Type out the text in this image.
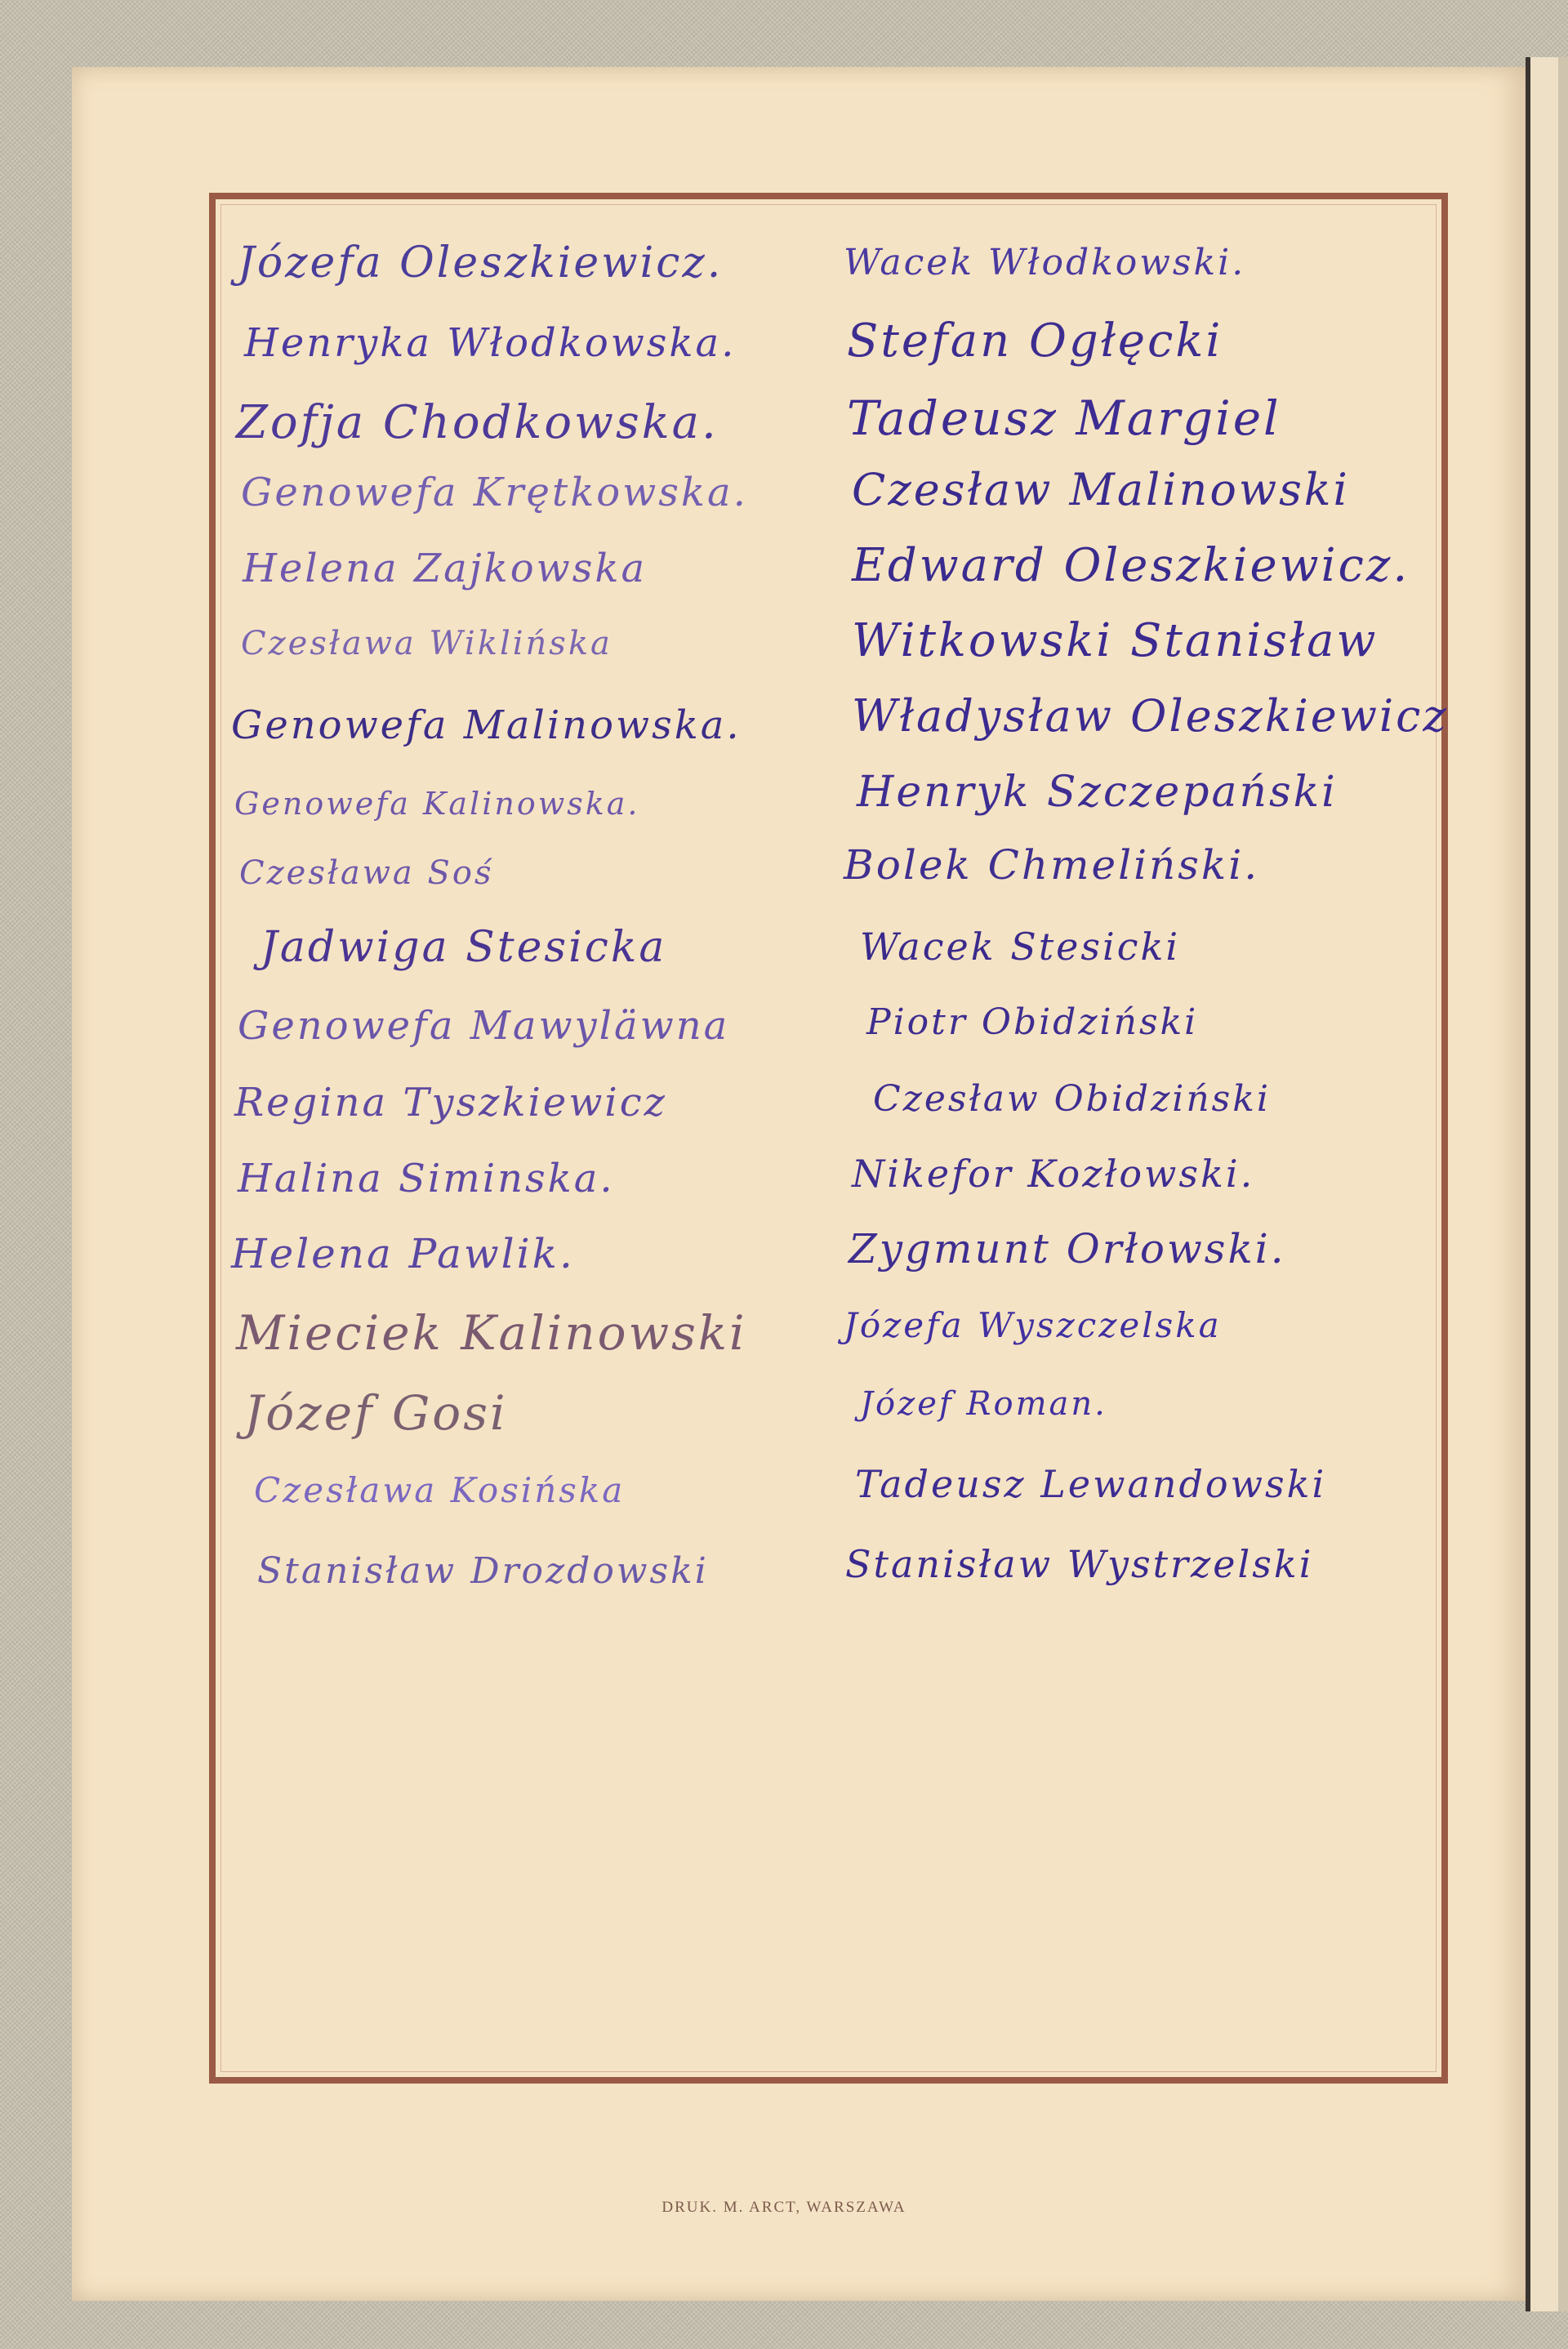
Józefa Oleszkiewicz.
Henryka Włodkowska.
Zofja Chodkowska.
Genowefa Krętkowska.
Helena Zajkowska
Czesława Wiklińska
Genowefa Malinowska.
Genowefa Kalinowska.
Czesława Soś
Jadwiga Stesicka
Genowefa Mawyläwna
Regina Tyszkiewicz
Halina Siminska.
Helena Pawlik.
Mieciek Kalinowski
Józef Gosi
Czesława Kosińska
Stanisław Drozdowski
Wacek Włodkowski.
Stefan Ogłęcki
Tadeusz Margiel
Czesław Malinowski
Edward Oleszkiewicz.
Witkowski Stanisław
Władysław Oleszkiewicz
Henryk Szczepański
Bolek Chmeliński.
Wacek Stesicki
Piotr Obidziński
Czesław Obidziński
Nikefor Kozłowski.
Zygmunt Orłowski.
Józefa Wyszczelska
Józef Roman.
Tadeusz Lewandowski
Stanisław Wystrzelski
DRUK. M. ARCT, WARSZAWA
